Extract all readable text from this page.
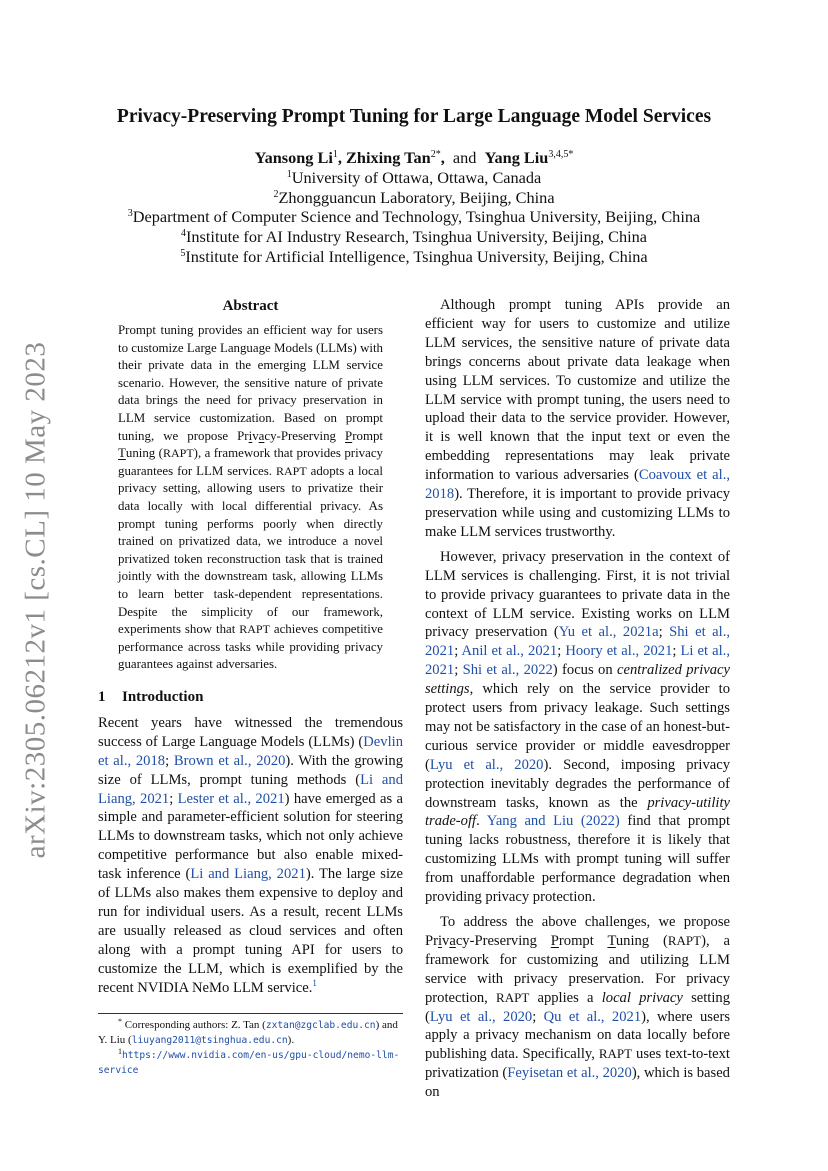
arXiv:2305.06212v1 [cs.CL] 10 May 2023
Privacy-Preserving Prompt Tuning for Large Language Model Services
Yansong Li$^1$, Zhixing Tan$^{2*}$, and Yang Liu$^{3,4,5*}$
$^1$University of Ottawa, Ottawa, Canada
$^2$Zhongguancun Laboratory, Beijing, China
$^3$Department of Computer Science and Technology, Tsinghua University, Beijing, China
$^4$Institute for AI Industry Research, Tsinghua University, Beijing, China
$^5$Institute for Artificial Intelligence, Tsinghua University, Beijing, China
Abstract

Prompt tuning provides an efficient way for users to customize Large Language Models (LLMs) with their private data in the emerging LLM service scenario. However, the sensitive nature of private data brings the need for privacy preservation in LLM service customization. Based on prompt tuning, we propose Privacy-Preserving Prompt Tuning (RAPT), a framework that provides privacy guarantees for LLM services. RAPT adopts a local privacy setting, allowing users to privatize their data locally with local differential privacy. As prompt tuning performs poorly when directly trained on privatized data, we introduce a novel privatized token reconstruction task that is trained jointly with the downstream task, allowing LLMs to learn better task-dependent representations. Despite the simplicity of our framework, experiments show that RAPT achieves competitive performance across tasks while providing privacy guarantees against adversaries.

1 Introduction

Recent years have witnessed the tremendous success of Large Language Models (LLMs) (Devlin et al., 2018; Brown et al., 2020). With the growing size of LLMs, prompt tuning methods (Li and Liang, 2021; Lester et al., 2021) have emerged as a simple and parameter-efficient solution for steering LLMs to downstream tasks, which not only achieve competitive performance but also enable mixed-task inference (Li and Liang, 2021). The large size of LLMs also makes them expensive to deploy and run for individual users. As a result, recent LLMs are usually released as cloud services and often along with a prompt tuning API for users to customize the LLM, which is exemplified by the recent NVIDIA NeMo LLM service.$^1$

* Corresponding authors: Z. Tan (zxtan@zgclab.edu.cn) and Y. Liu (liuyang2011@tsinghua.edu.cn).

$^1$https://www.nvidia.com/en-us/gpu-cloud/nemo-llm-service

Although prompt tuning APIs provide an efficient way for users to customize and utilize LLM services, the sensitive nature of private data brings concerns about private data leakage when using LLM services. To customize and utilize the LLM service with prompt tuning, the users need to upload their data to the service provider. However, it is well known that the input text or even the embedding representations may leak private information to various adversaries (Coavoux et al., 2018). Therefore, it is important to provide privacy preservation while using and customizing LLMs to make LLM services trustworthy.

However, privacy preservation in the context of LLM services is challenging. First, it is not trivial to provide privacy guarantees to private data in the context of LLM service. Existing works on LLM privacy preservation (Yu et al., 2021a; Shi et al., 2021; Anil et al., 2021; Hoory et al., 2021; Li et al., 2021; Shi et al., 2022) focus on centralized privacy settings, which rely on the service provider to protect users from privacy leakage. Such settings may not be satisfactory in the case of an honest-but-curious service provider or middle eavesdropper (Lyu et al., 2020). Second, imposing privacy protection inevitably degrades the performance of downstream tasks, known as the privacy-utility trade-off. Yang and Liu (2022) find that prompt tuning lacks robustness, therefore it is likely that customizing LLMs with prompt tuning will suffer from unaffordable performance degradation when providing privacy protection.

To address the above challenges, we propose Privacy-Preserving Prompt Tuning (RAPT), a framework for customizing and utilizing LLM service with privacy preservation. For privacy protection, RAPT applies a local privacy setting (Lyu et al., 2020; Qu et al., 2021), where users apply a privacy mechanism on data locally before publishing data. Specifically, RAPT uses text-to-text privatization (Feyisetan et al., 2020), which is based on
